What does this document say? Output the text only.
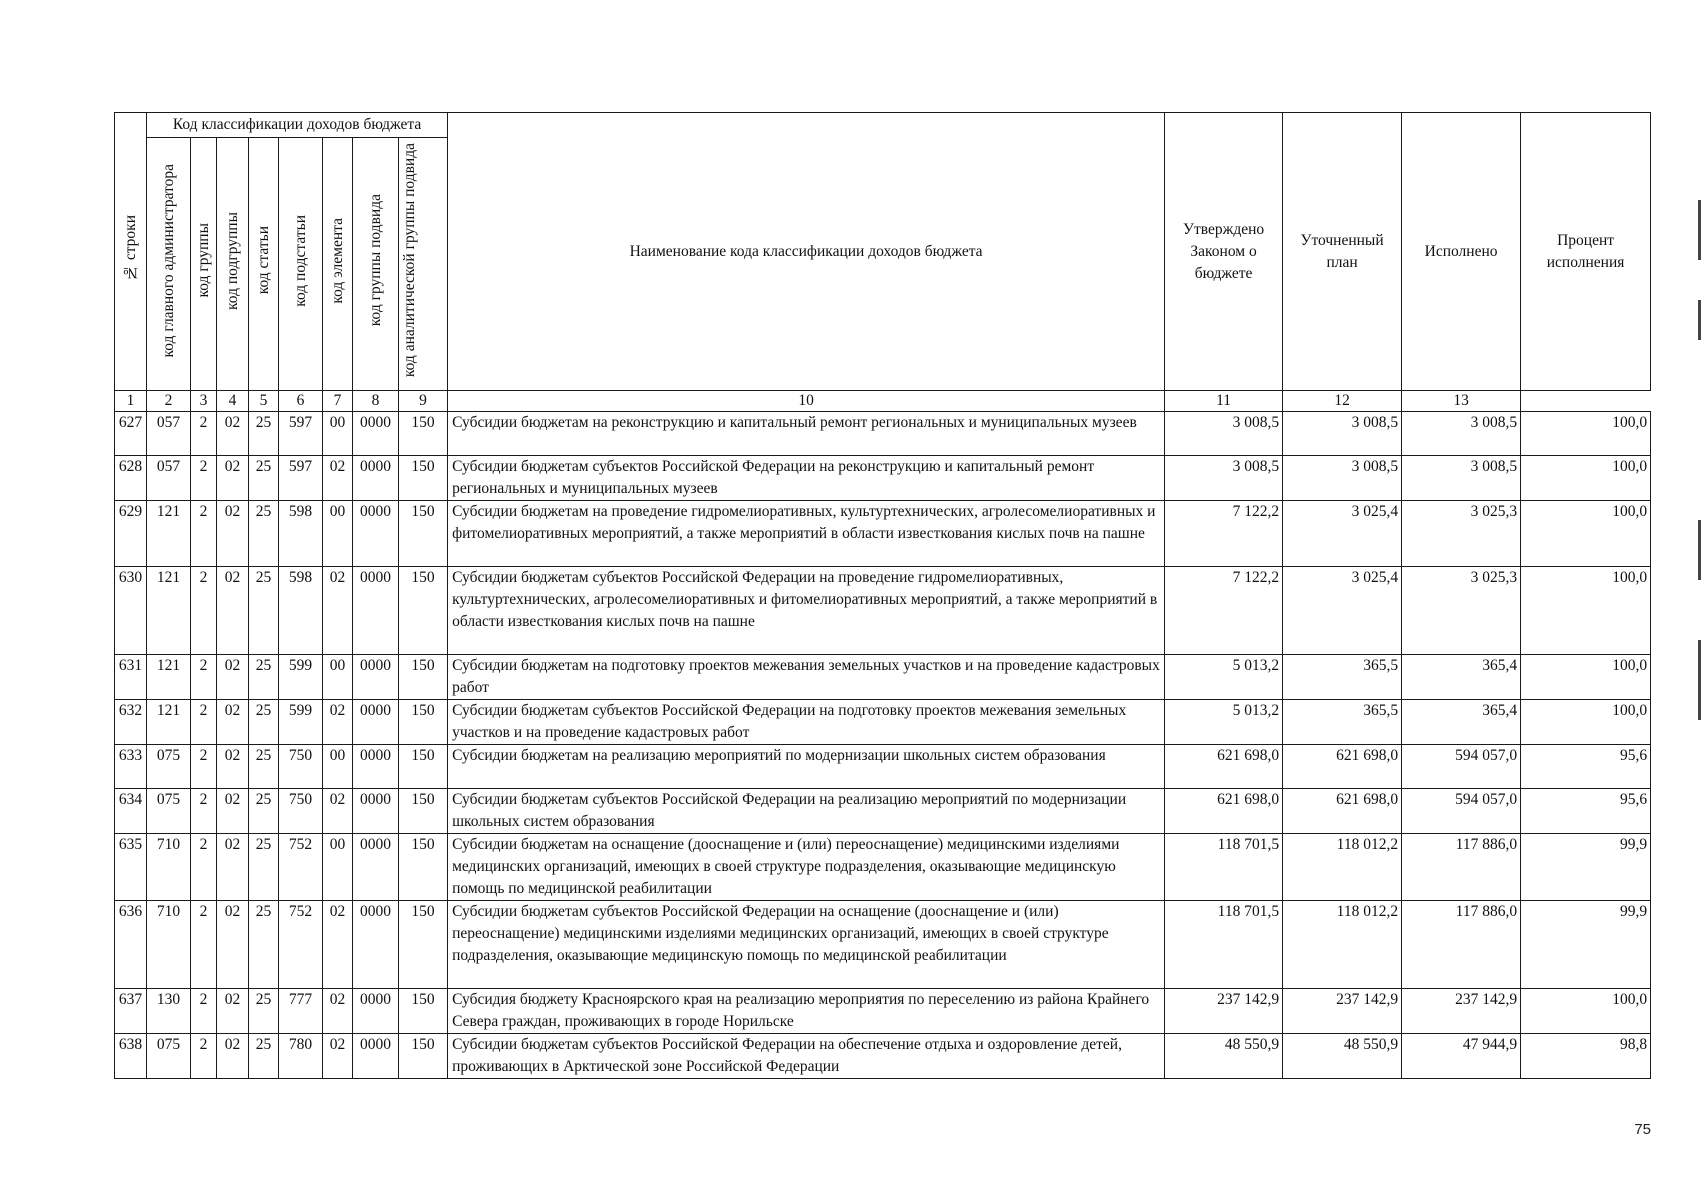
№ строки	Код классификации доходов бюджета								Наименование кода классификации доходов бюджета	Утверждено Законом о бюджете	Уточненный план	Исполнено	Процент исполнения
	код главного администратора	код группы	код подгруппы	код статьи	код подстатьи	код элемента	код группы подвида	код аналитической группы подвида					
1	2	3	4	5	6	7	8	9	10	11	12	13	
627	057	2	02	25	597	00	0000	150	Субсидии бюджетам на реконструкцию и капитальный ремонт региональных и муниципальных музеев	3 008,5	3 008,5	3 008,5	100,0
628	057	2	02	25	597	02	0000	150	Субсидии бюджетам субъектов Российской Федерации на реконструкцию и капитальный ремонт региональных и муниципальных музеев	3 008,5	3 008,5	3 008,5	100,0
629	121	2	02	25	598	00	0000	150	Субсидии бюджетам на проведение гидромелиоративных, культуртехнических, агролесомелиоративных и фитомелиоративных мероприятий, а также мероприятий в области известкования кислых почв на пашне	7 122,2	3 025,4	3 025,3	100,0
630	121	2	02	25	598	02	0000	150	Субсидии бюджетам субъектов Российской Федерации на проведение гидромелиоративных, культуртехнических, агролесомелиоративных и фитомелиоративных мероприятий, а также мероприятий в области известкования кислых почв на пашне	7 122,2	3 025,4	3 025,3	100,0
631	121	2	02	25	599	00	0000	150	Субсидии бюджетам на подготовку проектов межевания земельных участков и на проведение кадастровых работ	5 013,2	365,5	365,4	100,0
632	121	2	02	25	599	02	0000	150	Субсидии бюджетам субъектов Российской Федерации на подготовку проектов межевания земельных участков и на проведение кадастровых работ	5 013,2	365,5	365,4	100,0
633	075	2	02	25	750	00	0000	150	Субсидии бюджетам на реализацию мероприятий по модернизации школьных систем образования	621 698,0	621 698,0	594 057,0	95,6
634	075	2	02	25	750	02	0000	150	Субсидии бюджетам субъектов Российской Федерации на реализацию мероприятий по модернизации школьных систем образования	621 698,0	621 698,0	594 057,0	95,6
635	710	2	02	25	752	00	0000	150	Субсидии бюджетам на оснащение (дооснащение и (или) переоснащение) медицинскими изделиями медицинских организаций, имеющих в своей структуре подразделения, оказывающие медицинскую помощь по медицинской реабилитации	118 701,5	118 012,2	117 886,0	99,9
636	710	2	02	25	752	02	0000	150	Субсидии бюджетам субъектов Российской Федерации на оснащение (дооснащение и (или) переоснащение) медицинскими изделиями медицинских организаций, имеющих в своей структуре подразделения, оказывающие медицинскую помощь по медицинской реабилитации	118 701,5	118 012,2	117 886,0	99,9
637	130	2	02	25	777	02	0000	150	Субсидия бюджету Красноярского края на реализацию мероприятия по переселению из района Крайнего Севера граждан, проживающих в городе Норильске	237 142,9	237 142,9	237 142,9	100,0
638	075	2	02	25	780	02	0000	150	Субсидии бюджетам субъектов Российской Федерации на обеспечение отдыха и оздоровление детей, проживающих в Арктической зоне Российской Федерации	48 550,9	48 550,9	47 944,9	98,8
75
